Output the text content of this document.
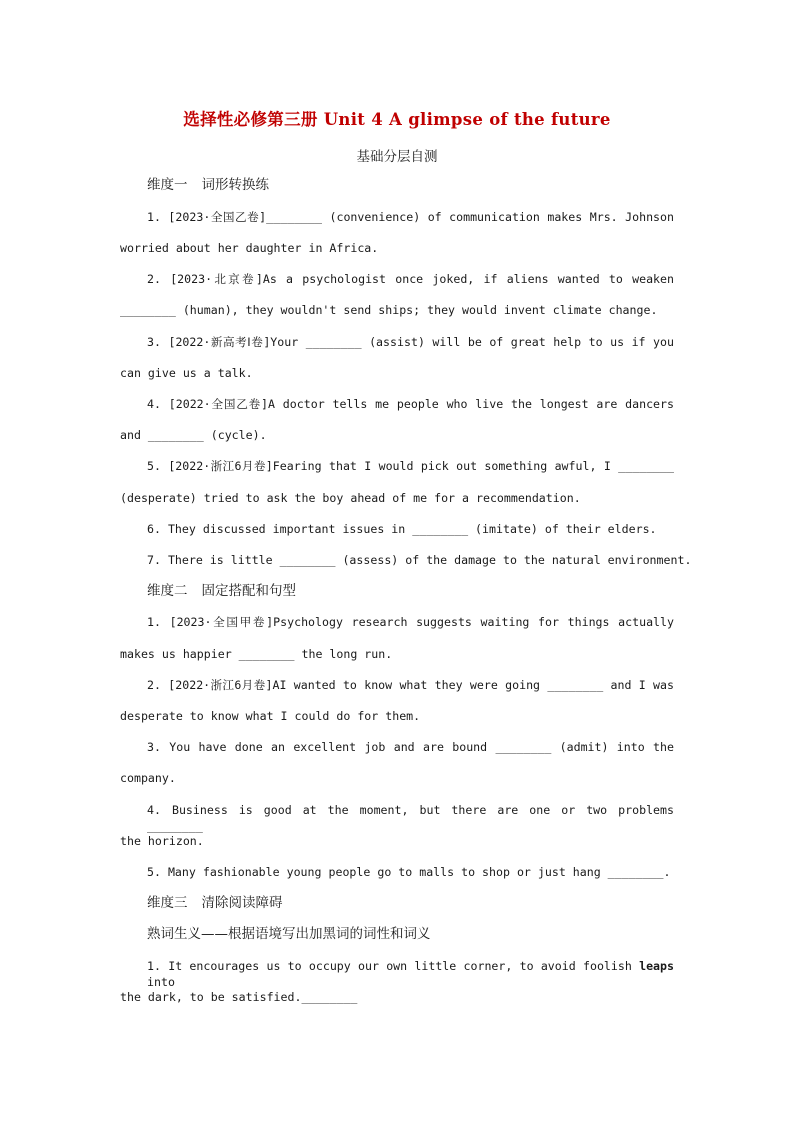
选择性必修第三册 Unit 4 A glimpse of the future
基础分层自测
维度一 词形转换练
1. [2023·全国乙卷]________ (convenience) of communication makes Mrs. Johnson
worried about her daughter in Africa.
2. [2023·北京卷]As a psychologist once joked, if aliens wanted to weaken
________ (human), they wouldn't send ships; they would invent climate change.
3. [2022·新高考Ⅰ卷]Your ________ (assist) will be of great help to us if you
can give us a talk.
4. [2022·全国乙卷]A doctor tells me people who live the longest are dancers
and ________ (cycle).
5. [2022·浙江6月卷]Fearing that I would pick out something awful, I ________
(desperate) tried to ask the boy ahead of me for a recommendation.
6. They discussed important issues in ________ (imitate) of their elders.
7. There is little ________ (assess) of the damage to the natural environment.
维度二 固定搭配和句型
1. [2023·全国甲卷]Psychology research suggests waiting for things actually
makes us happier ________ the long run.
2. [2022·浙江6月卷]AI wanted to know what they were going ________ and I was
desperate to know what I could do for them.
3. You have done an excellent job and are bound ________ (admit) into the
company.
4. Business is good at the moment, but there are one or two problems ________
the horizon.
5. Many fashionable young people go to malls to shop or just hang ________.
维度三 清除阅读障碍
熟词生义——根据语境写出加黑词的词性和词义
1. It encourages us to occupy our own little corner, to avoid foolish leaps into
the dark, to be satisfied.________
